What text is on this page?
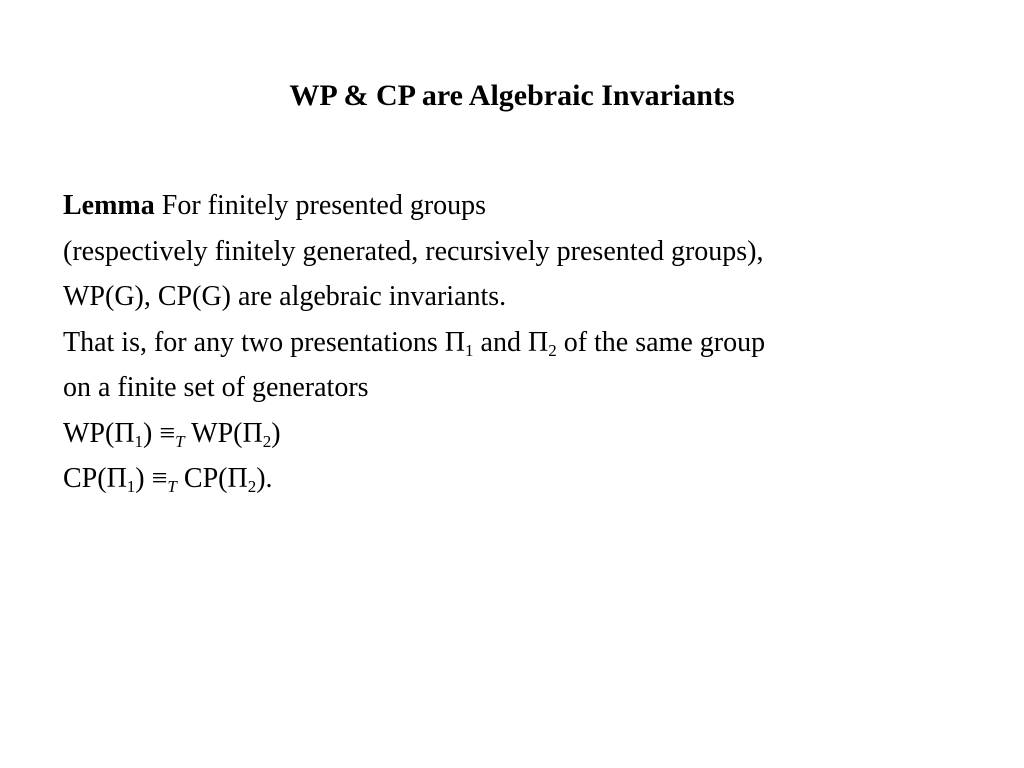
WP & CP are Algebraic Invariants
Lemma For finitely presented groups
(respectively finitely generated, recursively presented groups),
WP(G), CP(G) are algebraic invariants.
That is, for any two presentations $\Pi_1$ and $\Pi_2$ of the same group
on a finite set of generators
$WP(\Pi_1) \equiv_T$ $WP(\Pi_2)$
$CP(\Pi_1) \equiv_T$ $CP(\Pi_2)$.
